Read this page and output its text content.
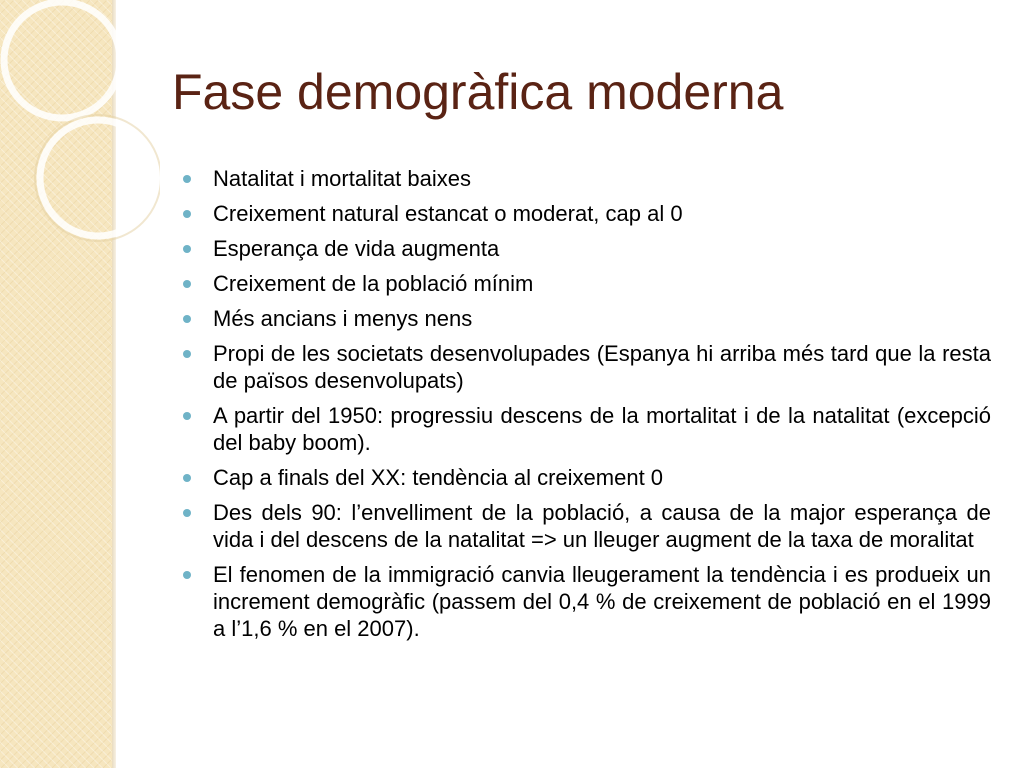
Fase demogràfica moderna
Natalitat i mortalitat baixes
Creixement natural estancat o moderat, cap al 0
Esperança de vida augmenta
Creixement de la població mínim
Més ancians i menys nens
Propi de les societats desenvolupades (Espanya hi arriba més tard que la resta de països desenvolupats)
A partir del 1950: progressiu descens de la mortalitat i de la natalitat (excepció del baby boom).
Cap a finals del XX: tendència al creixement 0
Des dels 90: l’envelliment de la població, a causa de la major esperança de vida i del descens de la natalitat => un lleuger augment de la taxa de moralitat
El fenomen de la immigració canvia lleugerament la tendència i es produeix un increment demogràfic (passem del 0,4 % de creixement de població en el 1999 a l’1,6 % en el 2007).
